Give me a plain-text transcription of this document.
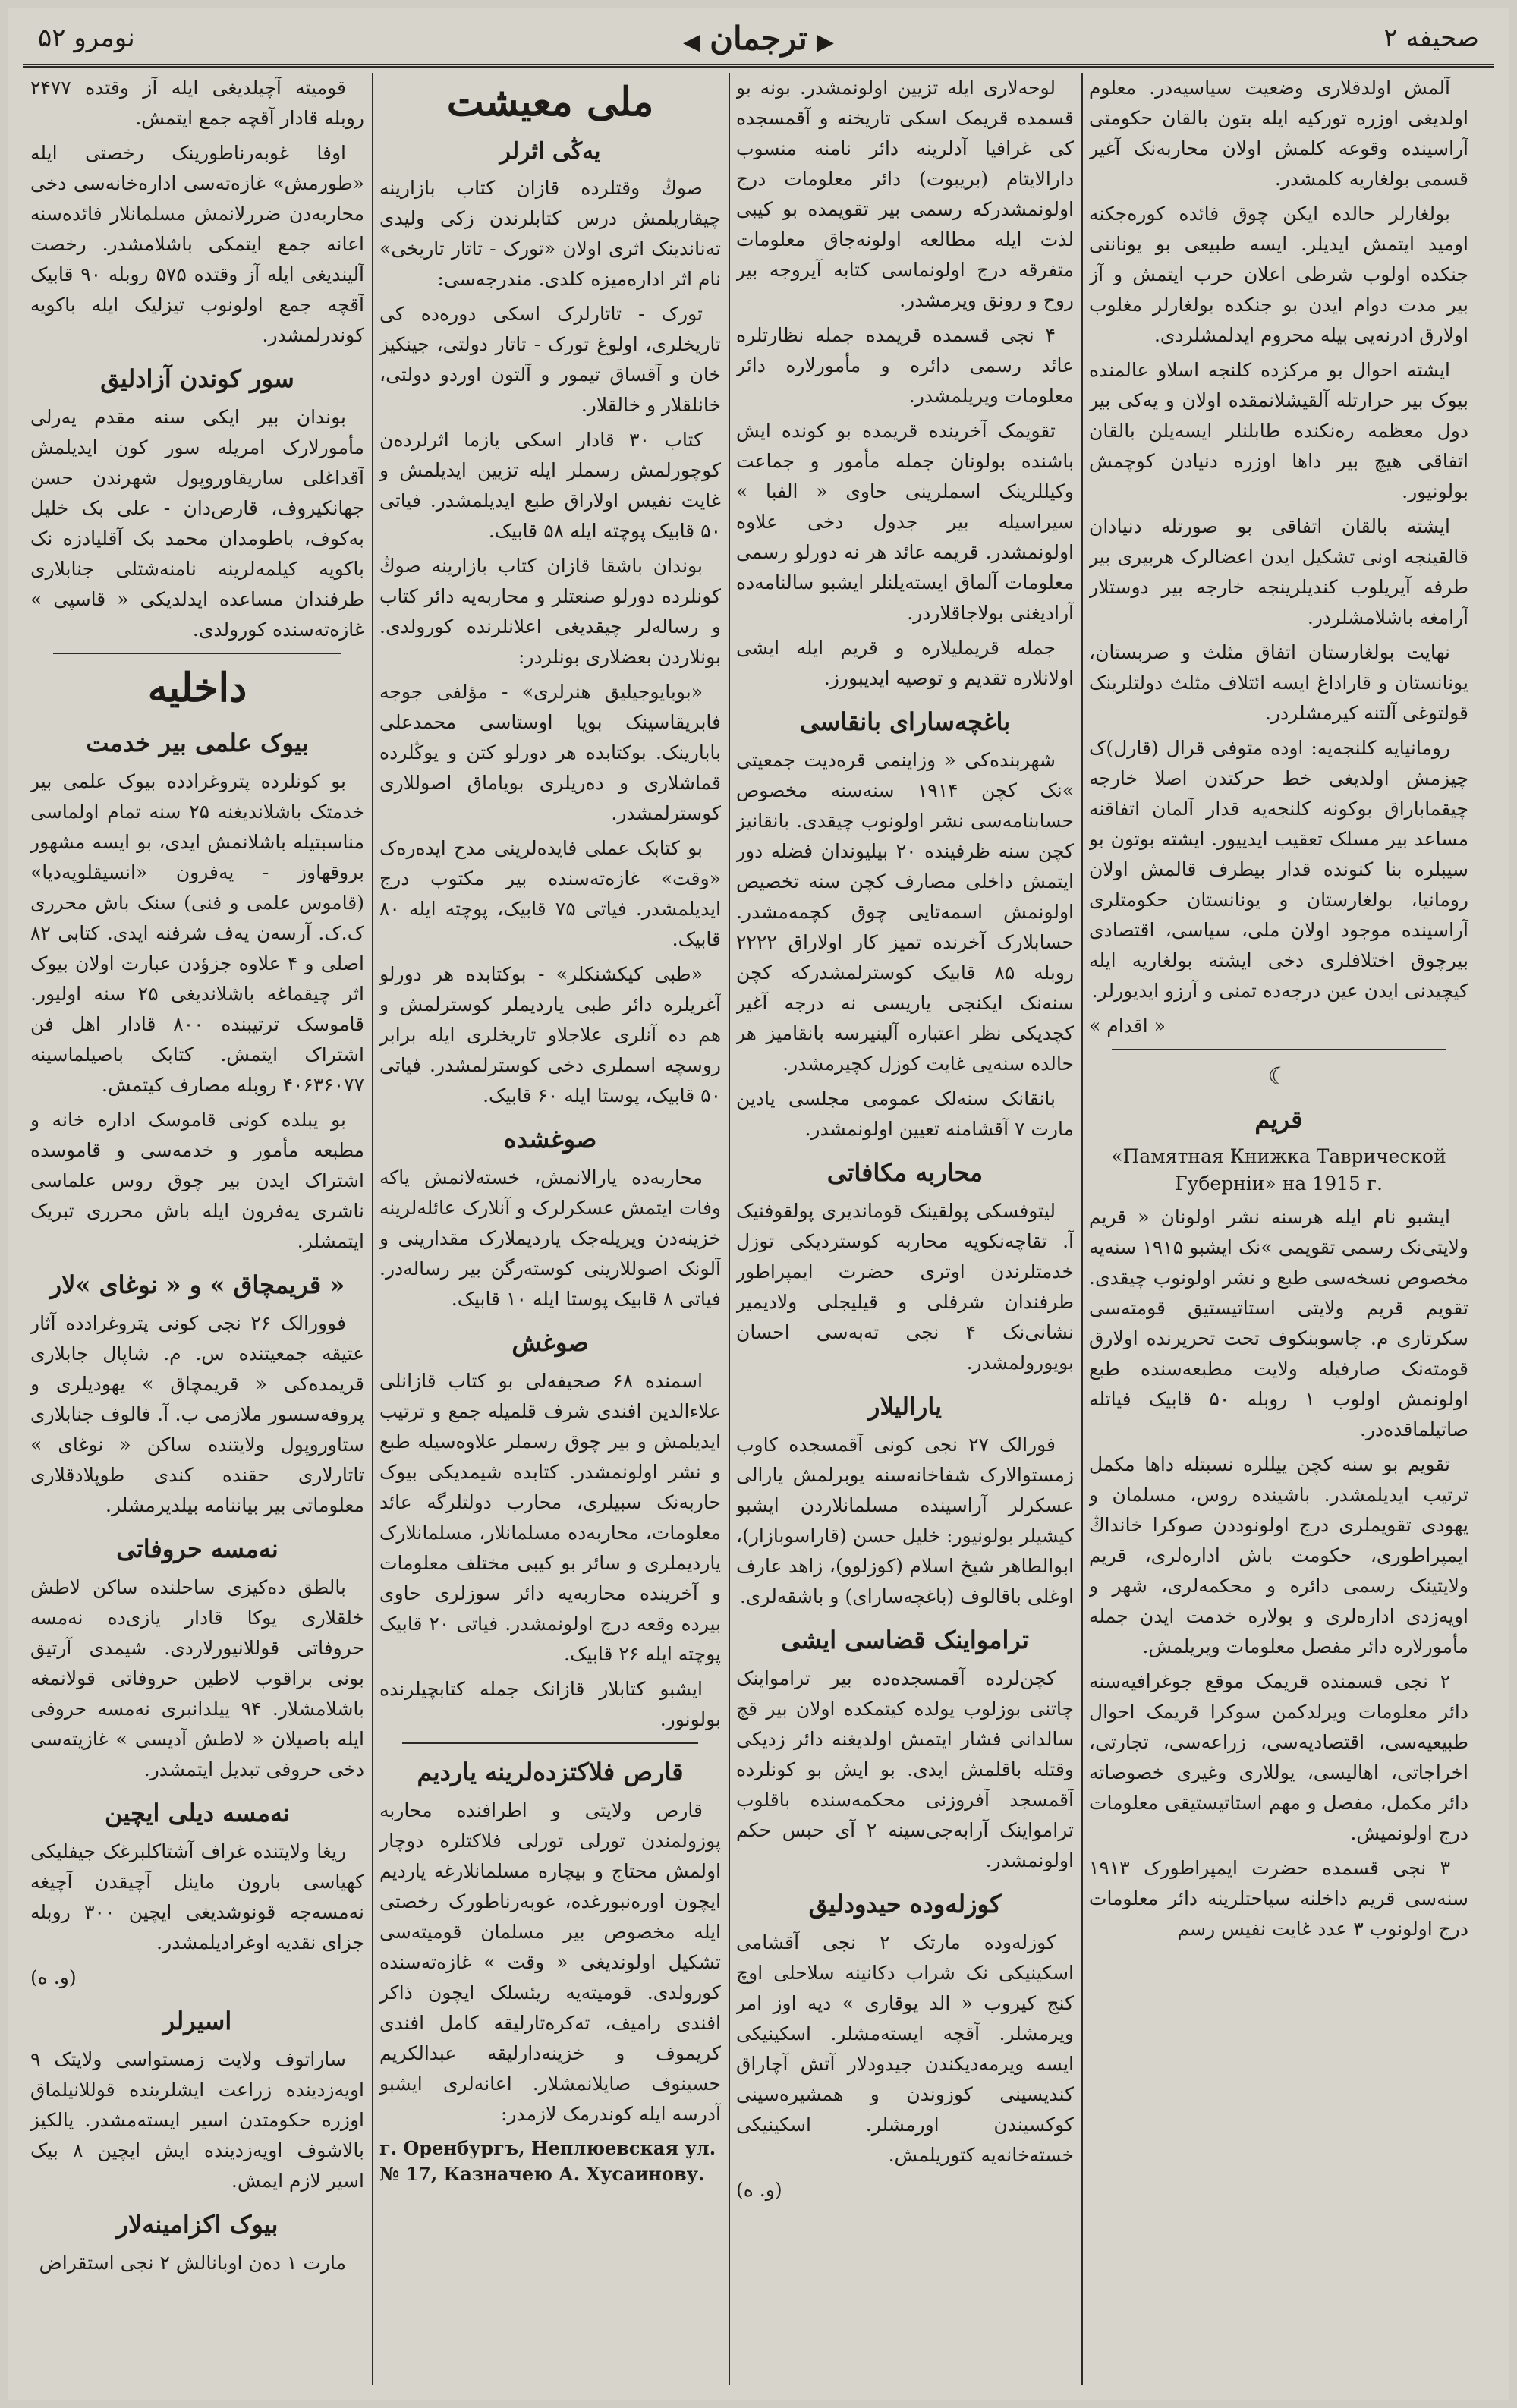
صحیفه ۲
◀ ترجمان ▶
نومرو ۵۲

آلمش اولدقلاری وضعیت سیاسیه‌در. معلوم اولدیغی اوزره تورکیه ایله بتون بالقان حکومتی آراسینده وقوعه کلمش اولان محاربه‌نک آغیر قسمی بولغاریه کلمشدر.

بولغارلر حالده ایکن چوق فائده کوره‌جکنه اومید ایتمش ایدیلر. ایسه طبیعی بو یوناننی جنکده اولوب شرطی اعلان حرب ایتمش و آز بیر مدت دوام ایدن بو جنکده بولغارلر مغلوب اولارق ادرنه‌یی بیله محروم ایدلمشلردی.

ایشته احوال بو مرکزده کلنجه اسلاو عالمنده بیوک بیر حرارتله آلقیشلانمقده اولان و یه‌کی بیر دول معظمه ره‌نکنده طابلنلر ایسه‌یلن بالقان اتفاقی هیچ بیر داها اوزره دنیادن کوچمش بولونیور.

ایشته بالقان اتفاقی بو صورتله دنیادان قالقینجه اونی تشکیل ایدن اعضالرک هربیری بیر طرفه آیریلوب کندیلرینجه خارجه بیر دوستلار آرامغه باشلامشلردر.

نهایت بولغارستان اتفاق مثلث و صربستان، یونانستان و قاراداغ ایسه ائتلاف مثلث دولتلرینک قولتوغی آلتنه کیرمشلردر.

رومانیایه کلنجه‌یه: اوده متوفی قرال (قارل)ک چیزمش اولدیغی خط حرکتدن اصلا خارجه چیقماباراق بوکونه کلنجه‌یه قدار آلمان اتفاقنه مساعد بیر مسلک تعقیب ایدییور. ایشته بوتون بو سیبلره بنا کنونده قدار بیطرف قالمش اولان رومانیا، بولغارستان و یونانستان حکومتلری آراسینده موجود اولان ملی، سیاسی، اقتصادی بیرچوق اختلافلری دخی ایشته بولغاریه ایله کیچیدنی ایدن عین درجه‌ده تمنی و آرزو ایدیورلر.

« اقدام »

☾
قریم
«Памятная Книжка Таврической Губерніи» на 1915 г.

ایشبو نام ایله هرسنه نشر اولونان « قریم ولایتی‌نک رسمی تقویمی »نک ایشبو ۱۹۱۵ سنه‌یه مخصوص نسخه‌سی طبع و نشر اولونوب چیقدی. تقویم قریم ولایتی استاتیستیق قومته‌سی سکرتاری م. چاسوبنکوف تحت تحریرنده اولارق قومته‌نک صارفیله ولایت مطبعه‌سنده طبع اولونمش اولوب ۱ روبله ۵۰ قابیک فیاتله صاتیلماقده‌در.

تقویم بو سنه کچن ییللره نسبتله داها مکمل ترتیب ایدیلمشدر. باشینده روس، مسلمان و یهودی تقویملری درج اولونوددن صوکرا خانداڭ ایمپراطوری، حکومت باش اداره‌لری، قریم ولایتینک رسمی دائره و محکمه‌لری، شهر و اویه‌زدی اداره‌لری و بولاره خدمت ایدن جمله مأمورلاره دائر مفصل معلومات ویریلمش.

۲ نجی قسمنده قریمک موقع جوغرافیه‌سنه دائر معلومات ویرلدکمن سوکرا قریمک احوال طبیعیه‌سی، اقتصادیه‌سی، زراعه‌سی، تجارتی، اخراجاتی، اهالیسی، یوللاری وغیری خصوصاته دائر مکمل، مفصل و مهم استاتیستیقی معلومات درج اولونمیش.

۳ نجی قسمده حضرت ایمپراطورک ۱۹۱۳ سنه‌سی قریم داخلنه سیاحتلرینه دائر معلومات درج اولونوب ۳ عدد غایت نفیس رسم

لوحه‌لاری ایله تزیین اولونمشدر. بونه بو قسمده قریمک اسکی تاریخنه و آقمسجده کی غرافیا آدلرینه دائر نامنه منسوب دارالایتام (بریبوت) دائر معلومات درج اولونمشدرکه رسمی بیر تقویمده بو کیبی لذت ایله مطالعه اولونه‌جاق معلومات متفرقه درج اولونماسی کتابه آیروجه بیر روح و رونق ویرمشدر.

۴ نجی قسمده قریمده جمله نظارتلره عائد رسمی دائره و مأمورلاره دائر معلومات ویریلمشدر.

تقویمک آخرینده قریمده بو کونده ایش باشنده بولونان جمله مأمور و جماعت وکیللرینک اسملرینی حاوی « الفبا » سیراسیله بیر جدول دخی علاوه اولونمشدر. قریمه عائد هر نه دورلو رسمی معلومات آلماق ایسته‌یلنلر ایشبو سالنامه‌ده آرادیغنی بولاجاقلاردر.

جمله قریملیلاره و قریم ایله ایشی اولانلاره تقدیم و توصیه ایدیبورز.

باغچه‌سارای بانقاسی

شهربنده‌کی « وزاینمی قره‌دیت جمعیتی »نک کچن ۱۹۱۴ سنه‌سنه مخصوص حسابنامه‌سی نشر اولونوب چیقدی. بانقانیز کچن سنه ظرفینده ۲۰ بیلیوندان فضله دور ایتمش داخلی مصارف کچن سنه تخصیص اولونمش اسمه‌تایی چوق کچمه‌مشدر. حسابلارک آخرنده تمیز کار اولاراق ۲۲۲۲ روبله ۸۵ قابیک کوسترلمشدرکه کچن سنه‌نک ایکنجی یاریسی نه درجه آغیر کچدیکی نظر اعتباره آلینیرسه بانقامیز هر حالده سنه‌یی غایت کوزل کچیرمشدر.

بانقانک سنه‌لک عمومی مجلسی یادین مارت ۷ آقشامنه تعیین اولونمشدر.

محاربه مکافاتی

لیتوفسکی پولقینک قوماندیری پولقوفنیک آ. تقاچه‌نکویه محاربه کوستردیکی توزل خدمتلرندن اوتری حضرت ایمپراطور طرفندان شرفلی و قیلیجلی ولادیمیر نشانی‌نک ۴ نجی ته‌به‌سی احسان بویورولمشدر.

یارالیلار

فورالک ۲۷ نجی کونی آقمسجده کاوب زمستوالارک شفاخانه‌سنه یوبرلمش یارالی عسکرلر آراسینده مسلمانلاردن ایشبو کیشیلر بولونیور: خلیل حسن (قاراسوبازار)، ابوالطاهر شیخ اسلام (کوزلوو)، زاهد عارف اوغلی باقالوف (باغچه‌سارای) و باشقه‌لری.

ترامواینک قضاسی ایشی

کچن‌لرده آقمسجده‌ده بیر ترامواینک چاتنی بوزلوب یولده کیتمکده اولان بیر قچ سالدانی فشار ایتمش اولدیغنه دائر زدیکی وقتله باقلمش ایدی. بو ایش بو کونلرده آقمسجد آفروزنی محکمه‌سنده باقلوب ترامواینک آرابه‌جی‌سینه ۲ آی حبس حکم اولونمشدر.

کوزله‌وده حیدودلیق

کوزله‌وده مارتک ۲ نجی آقشامی اسکینیکی نک شراب دکانینه سلاحلی اوچ کنج کیروب « الد یوقاری » دیه اوز امر ویرمشلر. آقچه ایسته‌مشلر. اسکینیکی ایسه ویرمه‌دیکندن جیدودلار آتش آچاراق کندیسینی کوزوندن و همشیره‌سینی کوکسیندن اورمشلر. اسکینیکی خسته‌خانه‌یه کتوریلمش.

(و. ه)

ملی معیشت
یه‌ڭی اثرلر

صوڭ وقتلرده قازان کتاب بازارینه چیقاریلمش درس کتابلرندن زکی ولیدی ته‌ناندینک اثری اولان «تورک - تاتار تاریخی» نام اثر ادارەمیزه کلدی. مندرجه‌سی:

تورک - تاتارلرک اسکی دوره‌ده کی تاریخلری، اولوغ تورک - تاتار دولتی، جینکیز خان و آقساق تیمور و آلتون اوردو دولتی، خانلقلار و خالقلار.

کتاب ۳۰ قادار اسکی یازما اثرلرده‌ن کوچورلمش رسملر ایله تزیین ایدیلمش و غایت نفیس اولاراق طبع ایدیلمشدر. فیاتی ۵۰ قابیک پوچته ایله ۵۸ قابیک.

بوندان باشقا قازان کتاب بازارینه صوڭ کونلرده دورلو صنعتلر و محاربه‌یه دائر کتاب و رساله‌لر چیقدیغی اعلانلرنده کورولدی. بونلاردن بعضلاری بونلردر:

«بوبایوجیلیق هنرلری» - مؤلفی جوجه فابریقاسینک بویا اوستاسی محمدعلی بابارینک. بوکتابده هر دورلو کتن و یوڭلرده قماشلاری و دەریلری بویاماق اصوللاری کوسترلمشدر.

بو کتابک عملی فایده‌لرینی مدح ایدەرەک «وقت» غازه‌ته‌سنده بیر مکتوب درج ایدیلمشدر. فیاتی ۷۵ قابیک، پوچته ایله ۸۰ قابیک.

«طبی کیکشنکلر» - بوکتابده هر دورلو آغریلرە دائر طبی یاردیملر کوسترلمش و هم ده آنلری علاجلاو تاریخلری ایله برابر روسچه اسملری دخی کوسترلمشدر. فیاتی ۵۰ قابیک، پوستا ایله ۶۰ قابیک.

صوغشده

محاربه‌ده یارالانمش، خسته‌لانمش یاکه وفات ایتمش عسکرلرک و آنلارک عائله‌لرینه خزینه‌دن ویریله‌جک یاردیملارک مقدارینی و آلونک اصوللارینی کوسته‌رگن بیر رساله‌در. فیاتی ۸ قابیک پوستا ایله ۱۰ قابیک.

صوغش

اسمنده ۶۸ صحیفه‌لی بو کتاب قازانلی علاءالدین افندی شرف قلمیله جمع و ترتیب ایدیلمش و بیر چوق رسملر علاوه‌سیله طبع و نشر اولونمشدر. کتابده شیمدیکی بیوک حاربه‌نک سبیلری، محارب دولتلرگه عائد معلومات، محاربه‌ده مسلمانلار، مسلمانلارک یاردیملری و سائر بو کیبی مختلف معلومات و آخرینده محاربه‌یه دائر سوزلری حاوی بیرده وقعه درج اولونمشدر. فیاتی ۲۰ قابیک پوچته ایله ۲۶ قابیک.

ایشبو کتابلار قازانک جمله کتابچیلرنده بولونور.

قارص فلاکتزده‌لرینه یاردیم

قارص ولایتی و اطرافنده محاربه پوزولمندن تورلی تورلی فلاکتلره دوچار اولمش محتاج و بیچاره مسلمانلارغه یاردیم ایچون اوره‌نبورغده، غوبه‌رناطورک رخصتی ایله مخصوص بیر مسلمان قومیته‌سی تشکیل اولوندیغی « وقت » غازه‌ته‌سنده کورولدی. قومیته‌یه ریئسلک ایچون ذاکر افندی رامیف، ته‌کرەتارلیقه کامل افندی کریموف و خزینه‌دارلیقه عبدالکریم حسینوف صایلانمشلار. اعانه‌لری ایشبو آدرسه ایله کوندرمک لازمدر:

г. Оренбургъ, Неплюевская ул. № 17, Казначею А. Хусаинову.

قومیته آچیلدیغی ایله آز وقتده ۲۴۷۷ روبله قادار آقچه جمع ایتمش.

اوفا غوبه‌رناطورینک رخصتی ایله «طورمش» غازه‌ته‌سی اداره‌خانه‌سی دخی محاربه‌دن ضررلانمش مسلمانلار فائده‌سنه اعانه جمع ایتمکی باشلامشدر. رخصت آلیندیغی ایله آز وقتده ۵۷۵ روبله ۹۰ قابیک آقچه جمع اولونوب تیزلیک ایله باکویه کوندرلمشدر.

سور کوندن آزادلیق

بوندان بیر ایکی سنه مقدم یه‌رلی مأمورلارک امریله سور کون ایدیلمش آقداغلی ساریقاوروپول شهرندن حسن جهانکیروف، قارص‌دان - علی بک خلیل به‌کوف، باطومدان محمد بک آقلیادزه نک باکویه کیلمه‌لرینه نامنه‌شتلی جنابلاری طرفندان مساعده ایدلدیکی « قاسپی » غازه‌ته‌سنده کورولدی.

داخلیه
بیوک علمی بیر خدمت

بو کونلرده پتروغرادده بیوک علمی بیر خدمتک باشلاندیغنه ۲۵ سنه تمام اولماسی مناسبتیله باشلانمش ایدی، بو ایسه مشهور بروقهاوز - یه‌فرون «انسیقلوپه‌دیا» (قاموس علمی و فنی) سنک باش محرری ک.ک. آرسه‌ن یه‌ف شرفنه ایدی. کتابی ۸۲ اصلی و ۴ علاوه جزؤدن عبارت اولان بیوک اثر چیقماغه باشلاندیغی ۲۵ سنه اولیور. قاموسک ترتیبنده ۸۰۰ قادار اهل فن اشتراک ایتمش. کتابک باصیلماسینه ۴۰۶۳۶۰۷۷ روبله مصارف کیتمش.

بو یبلده کونی قاموسک اداره خانه و مطبعه مأمور و خدمه‌سی و قاموسده اشتراک ایدن بیر چوق روس علماسی ناشری یه‌فرون ایله باش محرری تبریک ایتمشلر.

« قریمچاق » و « نوغای »لار

فوورالک ۲۶ نجی کونی پتروغرادده آثار عتیقه جمعیتنده س. م. شاپال جابلاری قریمده‌کی « قریمچاق » یهودیلری و پروفەسسور ملازمی ب. آ. فالوف جنابلاری ستاوروپول ولایتنده ساکن « نوغای » تاتارلاری حقنده کندی طوپلادقلاری معلوماتی بیر بیاننامه بیلدیرمشلر.

نه‌مسه حروفاتی

بالطق ده‌کیزی ساحلنده ساکن لاطش خلقلاری یوکا قادار یازی‌ده نه‌مسه حروفاتی قوللانیورلاردی. شیمدی آرتیق بونی براقوب لاطین حروفاتی قولانمغه باشلامشلار. ۹۴ ییلدانبری نه‌مسه حروفی ایله باصیلان « لاطش آدیسی » غازیته‌سی دخی حروفی تبدیل ایتمشدر.

نه‌مسه دیلی ایچین

ریغا ولایتنده غراف آشتاکلبرغک جیفلیکی کهیاسی بارون ماینل آچیقدن آچیغه نه‌مسه‌جه قونوشدیغی ایچین ۳۰۰ روبله جزای نقدیه اوغرادیلمشدر.

(و. ه)

اسیرلر

ساراتوف ولایت زمستواسی ولایتک ۹ اویه‌زدینده زراعت ایشلرینده قوللانیلماق اوزره حکومتدن اسیر ایستەمشدر. یالکیز بالاشوف اویه‌زدینده ایش ایچین ۸ بیک اسیر لازم ایمش.

بیوک اکزامینه‌لار

مارت ۱ ده‌ن اوبانالش ۲ نجی استقراض
